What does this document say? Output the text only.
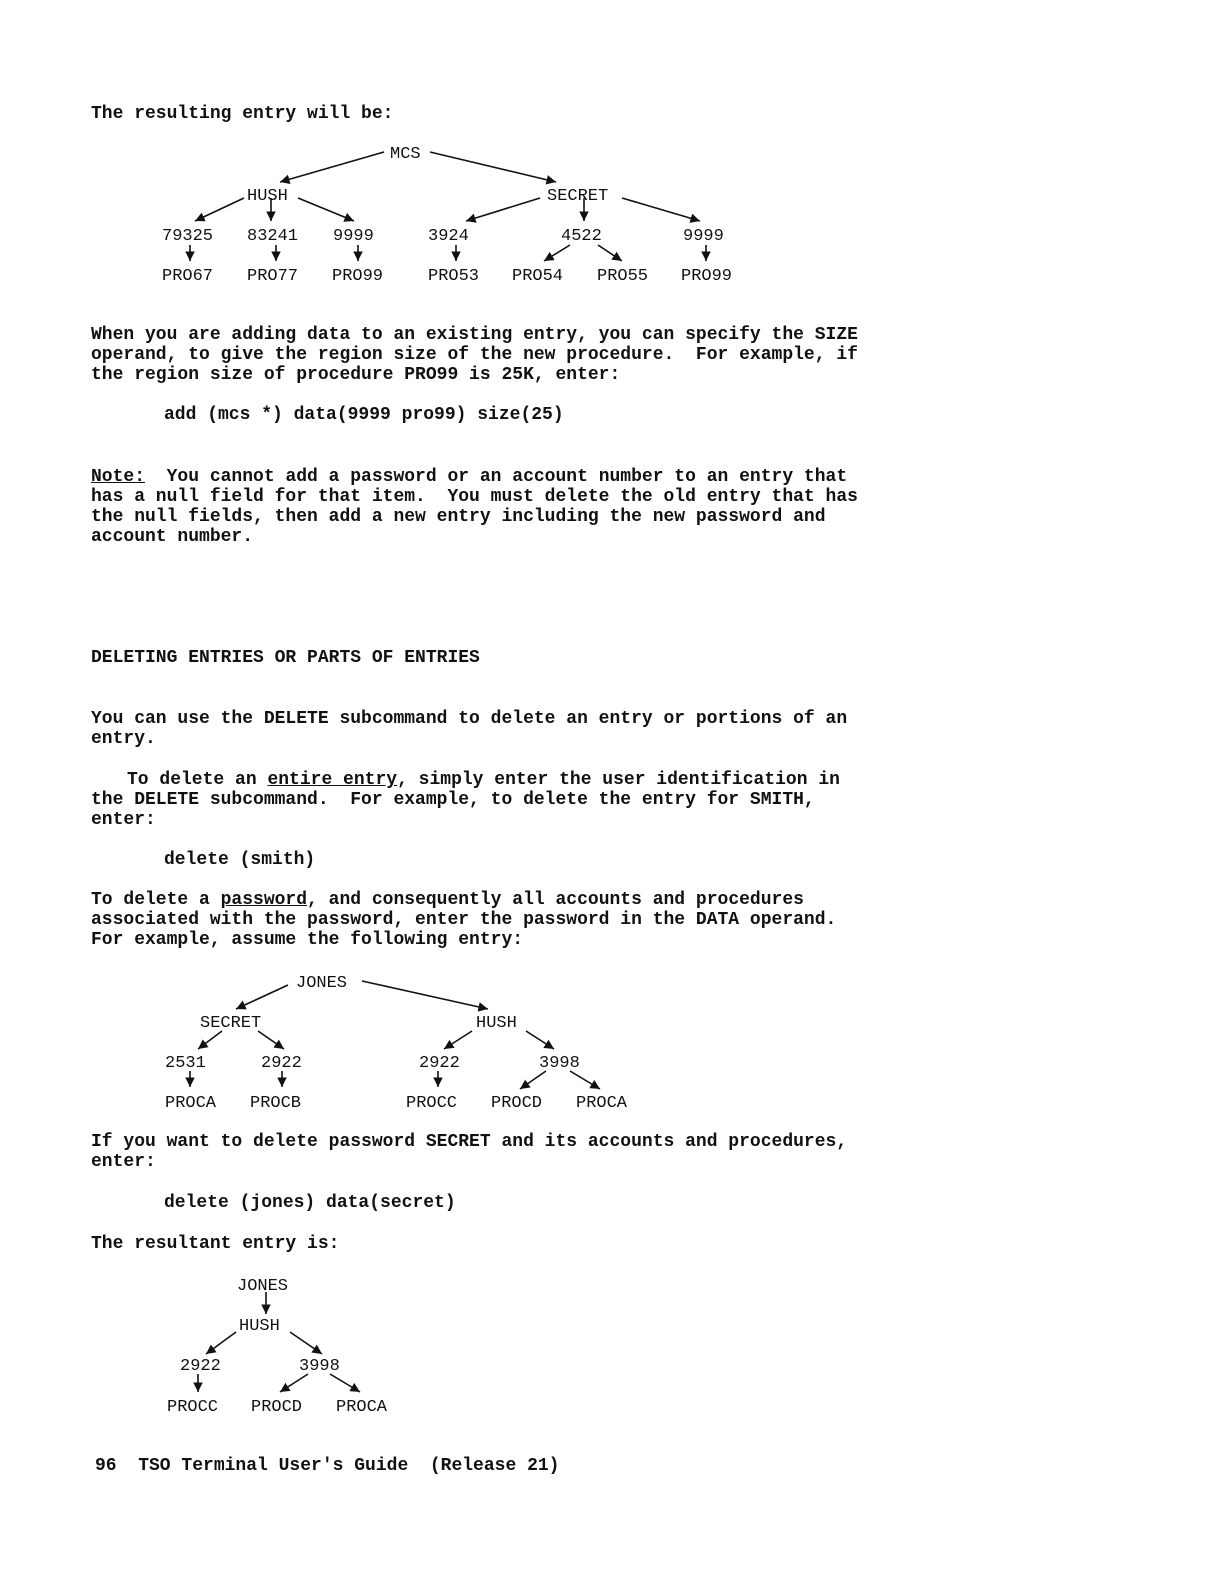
The resulting entry will be:
MCS
HUSH	SECRET
79325 83241 9999	3924	4522	9999
PRO67 PRO77 PRO99	PRO53 PRO54 PRO55 PRO99
When you are adding data to an existing entry, you can specify the SIZE
operand, to give the region size of the new procedure.  For example, if
the region size of procedure PRO99 is 25K, enter:
add (mcs *) data(9999 pro99) size(25)
Note:  You cannot add a password or an account number to an entry that
has a null field for that item.  You must delete the old entry that has
the null fields, then add a new entry including the new password and
account number.
DELETING ENTRIES OR PARTS OF ENTRIES
You can use the DELETE subcommand to delete an entry or portions of an
entry.
To delete an entire entry, simply enter the user identification in
the DELETE subcommand.  For example, to delete the entry for SMITH,
enter:
delete (smith)
To delete a password, and consequently all accounts and procedures
associated with the password, enter the password in the DATA operand.
For example, assume the following entry:
JONES
SECRET	HUSH
2531	2922	2922	3998
PROCA PROCB	PROCC PROCD PROCA
If you want to delete password SECRET and its accounts and procedures,
enter:
delete (jones) data(secret)
The resultant entry is:
JONES
HUSH
2922	3998
PROCC PROCD PROCA
96  TSO Terminal User's Guide  (Release 21)
